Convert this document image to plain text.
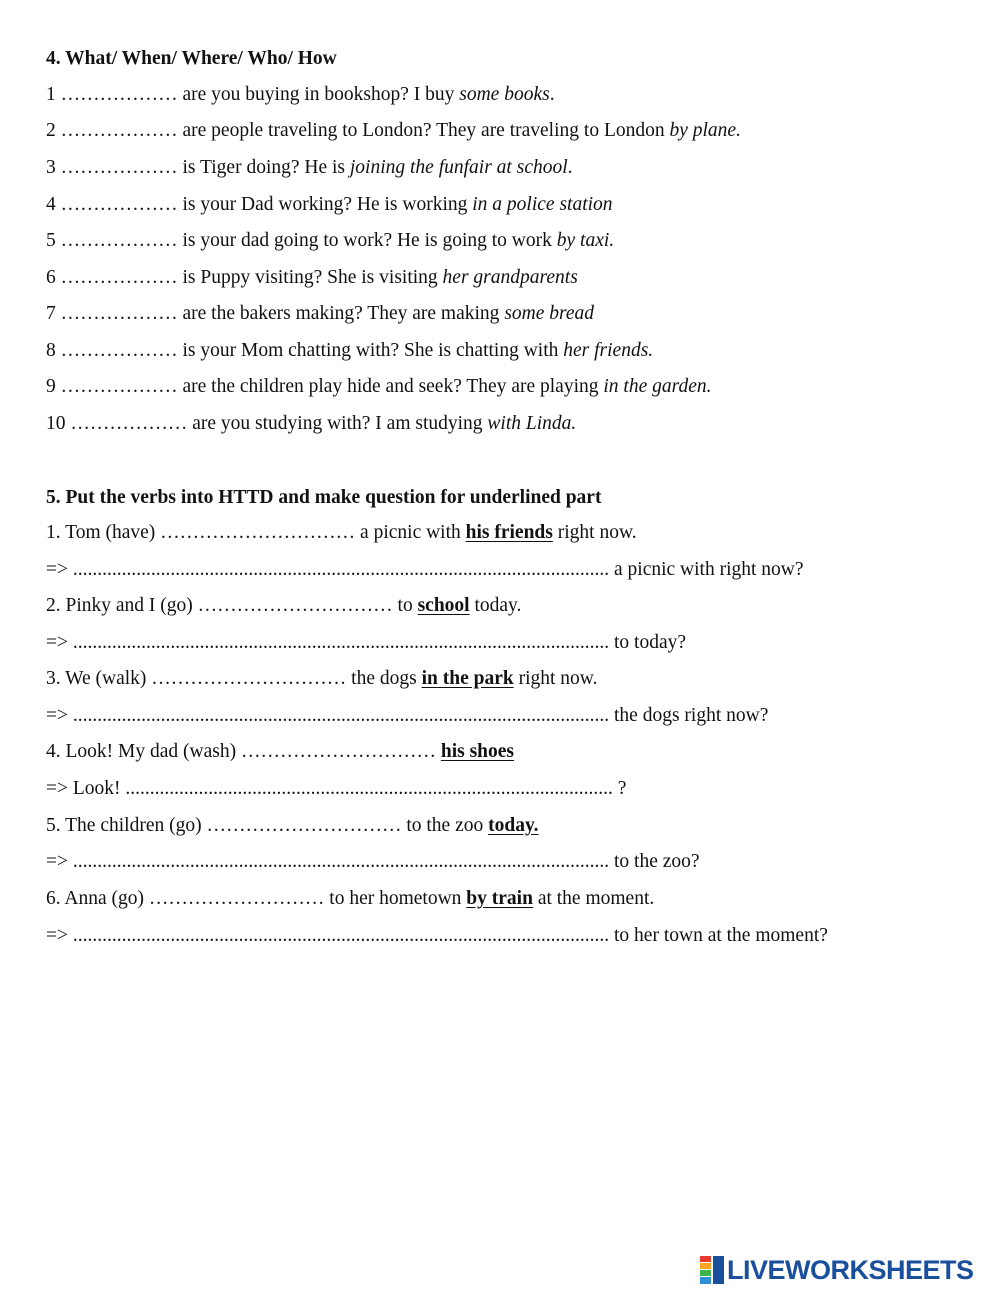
4. What/ When/ Where/ Who/ How
1 ……………… are you buying in bookshop? I buy some books.
2 ……………… are people traveling to London? They are traveling to London by plane.
3 ……………… is Tiger doing? He is joining the funfair at school.
4 ……………… is your Dad working? He is working in a police station
5 ……………… is your dad going to work? He is going to work by taxi.
6 ……………… is Puppy visiting? She is visiting her grandparents
7 ……………… are the bakers making? They are making some bread
8 ……………… is your Mom chatting with? She is chatting with her friends.
9 ……………… are the children play hide and seek? They are playing in the garden.
10 ……………… are you studying with? I am studying with Linda.
5. Put the verbs into HTTD and make question for underlined part
1. Tom (have) ………………………… a picnic with his friends right now.
=> .............................................................................................................. a picnic with right now?
2. Pinky and I (go) ………………………… to school today.
=> .............................................................................................................. to today?
3. We (walk) ………………………… the dogs in the park right now.
=> .............................................................................................................. the dogs right now?
4. Look! My dad (wash) ………………………… his shoes
=> Look! .................................................................................................... ?
5. The children (go) ………………………… to the zoo today.
=> .............................................................................................................. to the zoo?
6. Anna (go) ……………………… to her hometown by train at the moment.
=> .............................................................................................................. to her town at the moment?
LIVEWORKSHEETS
